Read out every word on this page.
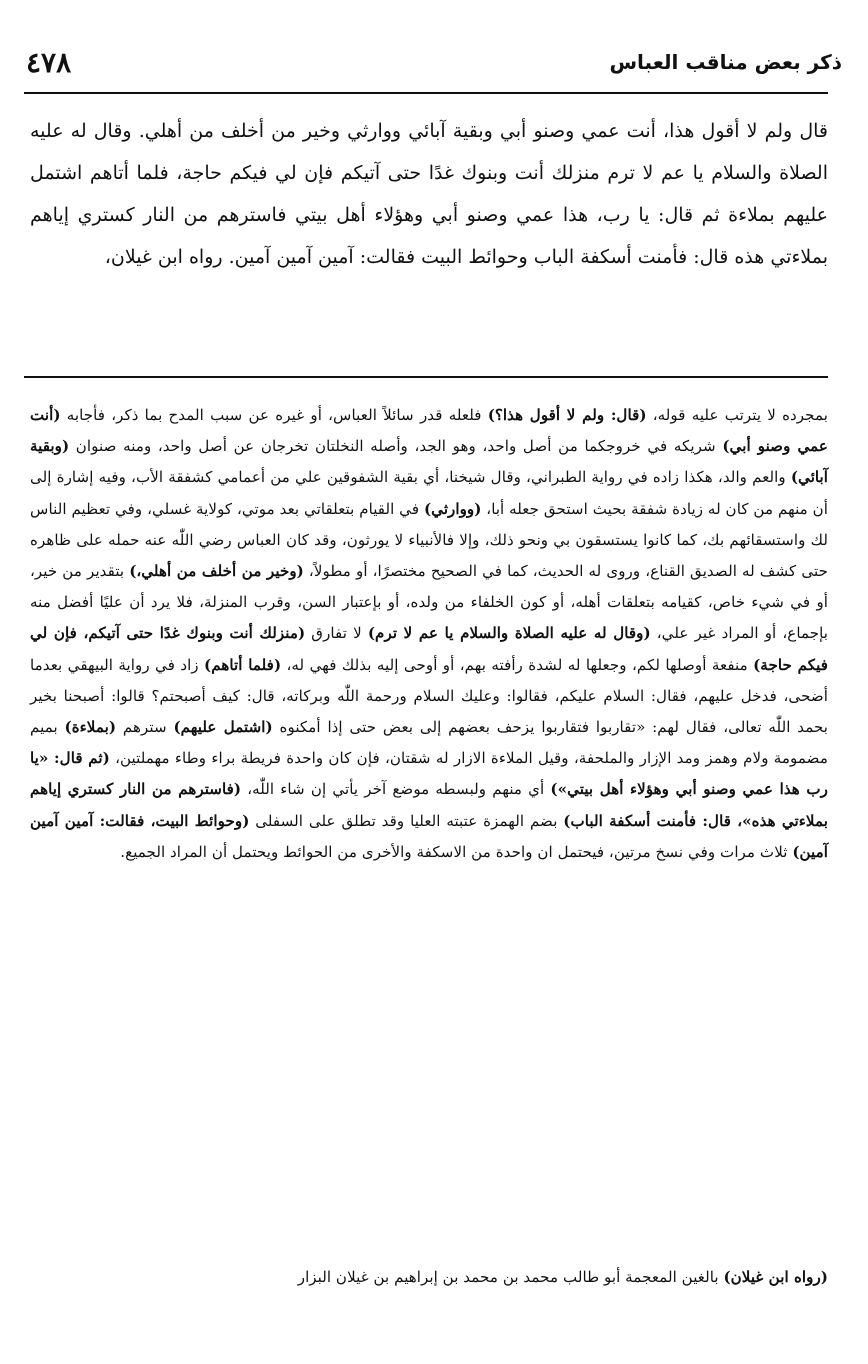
ذكر بعض مناقب العباس
٤٧٨
قال ولم لا أقول هذا، أنت عمي وصنو أبي وبقية آبائي ووارثي وخير من أخلف من أهلي. وقال له عليه الصلاة والسلام يا عم لا ترم منزلك أنت وبنوك غدًا حتى آتيكم فإن لي فيكم حاجة، فلما أتاهم اشتمل عليهم بملاءة ثم قال: يا رب، هذا عمي وصنو أبي وهؤلاء أهل بيتي فاسترهم من النار كستري إياهم بملاءتي هذه قال: فأمنت أسكفة الباب وحوائط البيت فقالت: آمين آمين آمين. رواه ابن غيلان،
بمجرده لا يترتب عليه قوله، (قال: ولم لا أقول هذا؟) فلعله قدر سائلاً العباس، أو غيره عن سبب المدح بما ذكر، فأجابه (أنت عمي وصنو أبي) شريكه في خروجكما من أصل واحد، وهو الجد، وأصله النخلتان تخرجان عن أصل واحد، ومنه صنوان (وبقية آبائي) والعم والد، هكذا زاده في رواية الطبراني، وقال شيخنا، أي بقية الشفوقين علي من أعمامي كشفقة الأب، وفيه إشارة إلى أن منهم من كان له زيادة شفقة بحيث استحق جعله أبا، (ووارثي) في القيام بتعلقاتي بعد موتي، كولاية غسلي، وفي تعظيم الناس لك واستسقائهم بك، كما كانوا يستسقون بي ونحو ذلك، وإلا فالأنبياء لا يورثون، وقد كان العباس رضي اللّٰه عنه حمله على ظاهره حتى كشف له الصديق القناع، وروى له الحديث، كما في الصحيح مختصرًا، أو مطولاً، (وخير من أخلف من أهلي،) بتقدير من خير، أو في شيء خاص، كقيامه بتعلقات أهله، أو كون الخلفاء من ولده، أو بإعتبار السن، وقرب المنزلة، فلا يرد أن عليًا أفضل منه بإجماع، أو المراد غير علي، (وقال له عليه الصلاة والسلام يا عم لا ترم) لا تفارق (منزلك أنت وبنوك غدًا حتى آتيكم، فإن لي فيكم حاجة) منفعة أوصلها لكم، وجعلها له لشدة رأفته بهم، أو أوحى إليه بذلك فهي له، (فلما أتاهم) زاد في رواية البيهقي بعدما أضحى، فدخل عليهم، فقال: السلام عليكم، فقالوا: وعليك السلام ورحمة اللّٰه وبركاته، قال: كيف أصبحتم؟ قالوا: أصبحنا بخير بحمد اللّٰه تعالى، فقال لهم: «تقاربوا فتقاربوا يزحف بعضهم إلى بعض حتى إذا أمكنوه (اشتمل عليهم) سترهم (بملاءة) بميم مضمومة ولام وهمز ومد الإزار والملحفة، وقيل الملاءة الازار له شقتان، فإن كان واحدة فريطة براء وطاء مهملتين، (ثم قال: «يا رب هذا عمي وصنو أبي وهؤلاء أهل بيتي») أي منهم ولبسطه موضع آخر يأتي إن شاء اللّٰه، (فاسترهم من النار كستري إياهم بملاءتي هذه»، قال: فأمنت أسكفة الباب) بضم الهمزة عتبته العليا وقد تطلق على السفلى (وحوائط البيت، فقالت: آمين آمين آمين) ثلاث مرات وفي نسخ مرتين، فيحتمل ان واحدة من الاسكفة والأخرى من الحوائط ويحتمل أن المراد الجميع.
(رواه ابن غيلان) بالغين المعجمة أبو طالب محمد بن محمد بن إبراهيم بن غيلان البزار
